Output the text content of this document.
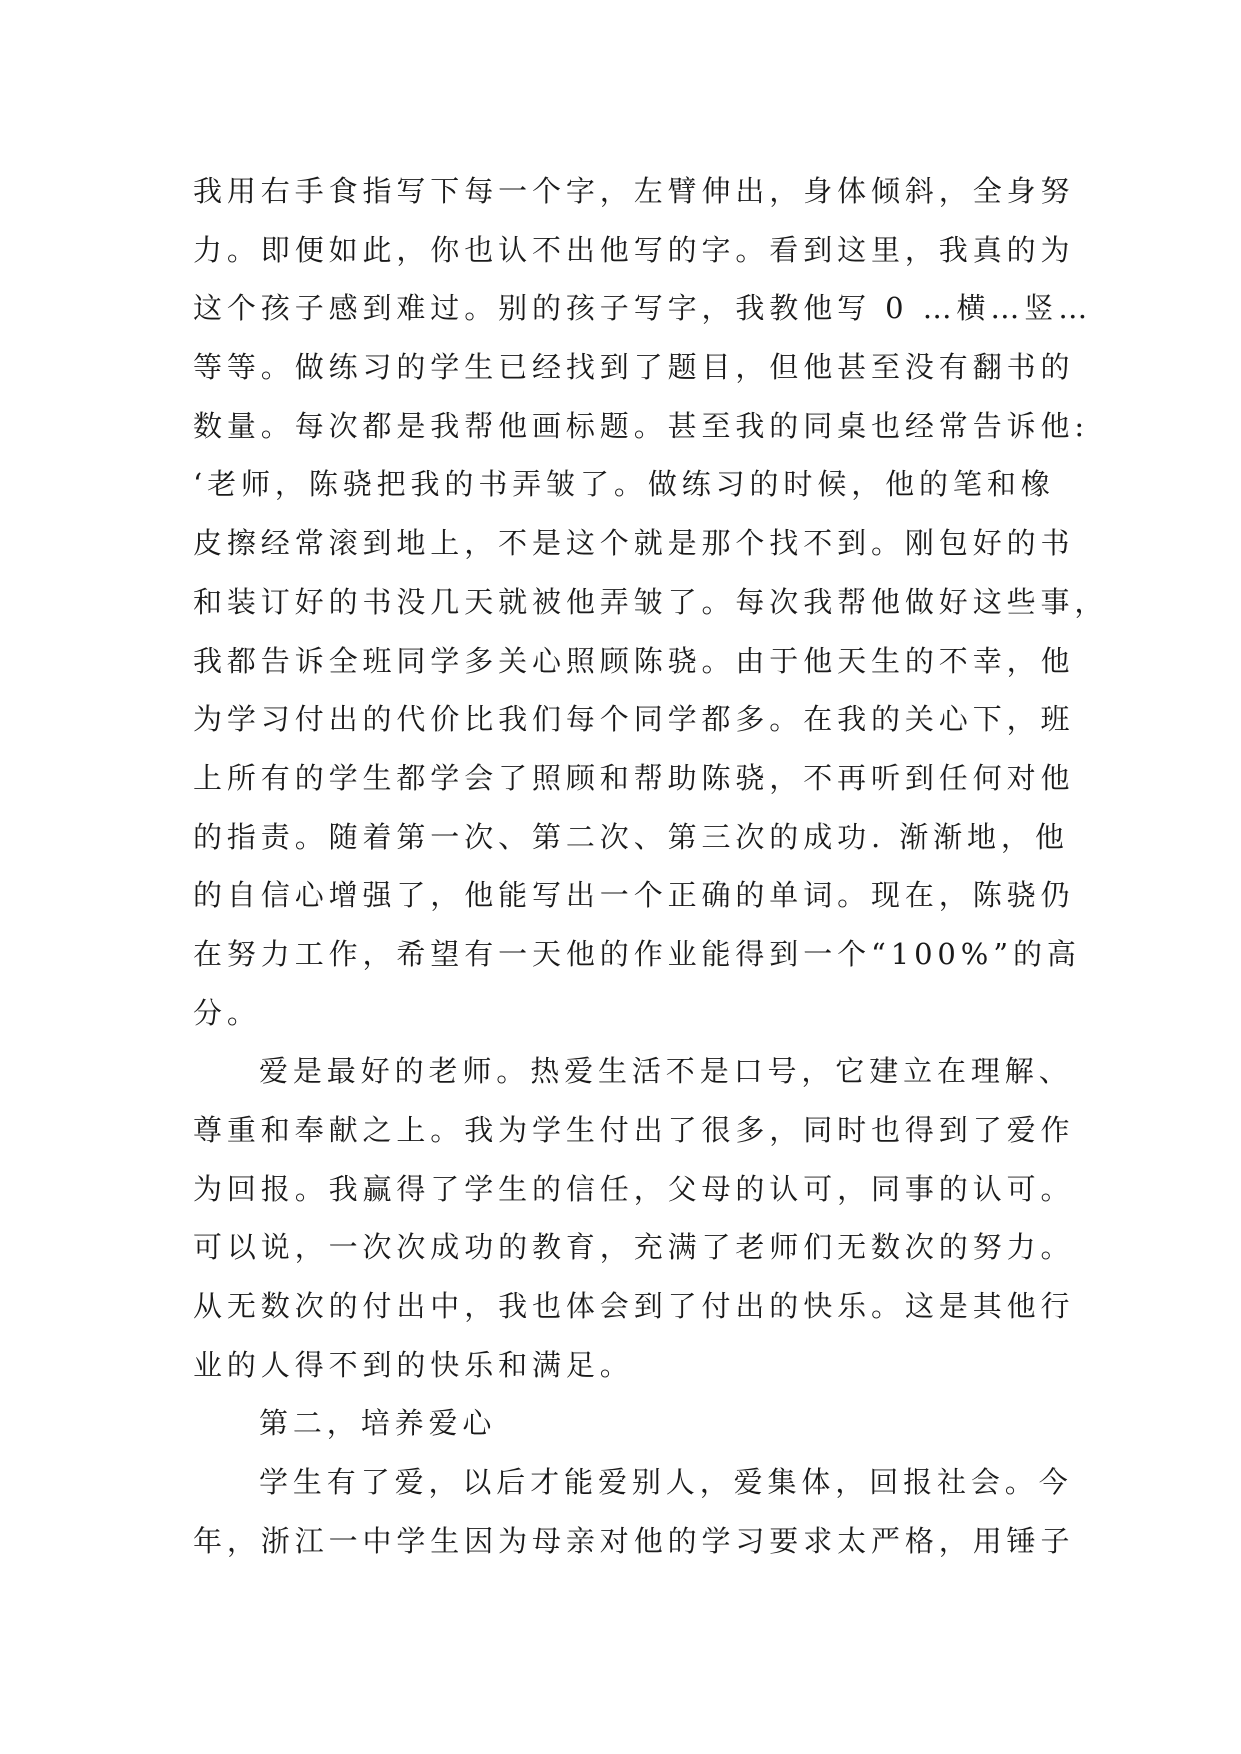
我用右手食指写下每一个字，左臂伸出，身体倾斜，全身努
力。即便如此，你也认不出他写的字。看到这里，我真的为
这个孩子感到难过。别的孩子写字，我教他写 0 …横…竖…
等等。做练习的学生已经找到了题目，但他甚至没有翻书的
数量。每次都是我帮他画标题。甚至我的同桌也经常告诉他:
‘老师，陈骁把我的书弄皱了。做练习的时候，他的笔和橡
皮擦经常滚到地上，不是这个就是那个找不到。刚包好的书
和装订好的书没几天就被他弄皱了。每次我帮他做好这些事，
我都告诉全班同学多关心照顾陈骁。由于他天生的不幸，他
为学习付出的代价比我们每个同学都多。在我的关心下，班
上所有的学生都学会了照顾和帮助陈骁，不再听到任何对他
的指责。随着第一次、第二次、第三次的成功. 渐渐地，他
的自信心增强了，他能写出一个正确的单词。现在，陈骁仍
在努力工作，希望有一天他的作业能得到一个“100%”的高
分。
爱是最好的老师。热爱生活不是口号，它建立在理解、
尊重和奉献之上。我为学生付出了很多，同时也得到了爱作
为回报。我赢得了学生的信任，父母的认可，同事的认可。
可以说，一次次成功的教育，充满了老师们无数次的努力。
从无数次的付出中，我也体会到了付出的快乐。这是其他行
业的人得不到的快乐和满足。
第二，培养爱心
学生有了爱，以后才能爱别人，爱集体，回报社会。今
年，浙江一中学生因为母亲对他的学习要求太严格，用锤子
